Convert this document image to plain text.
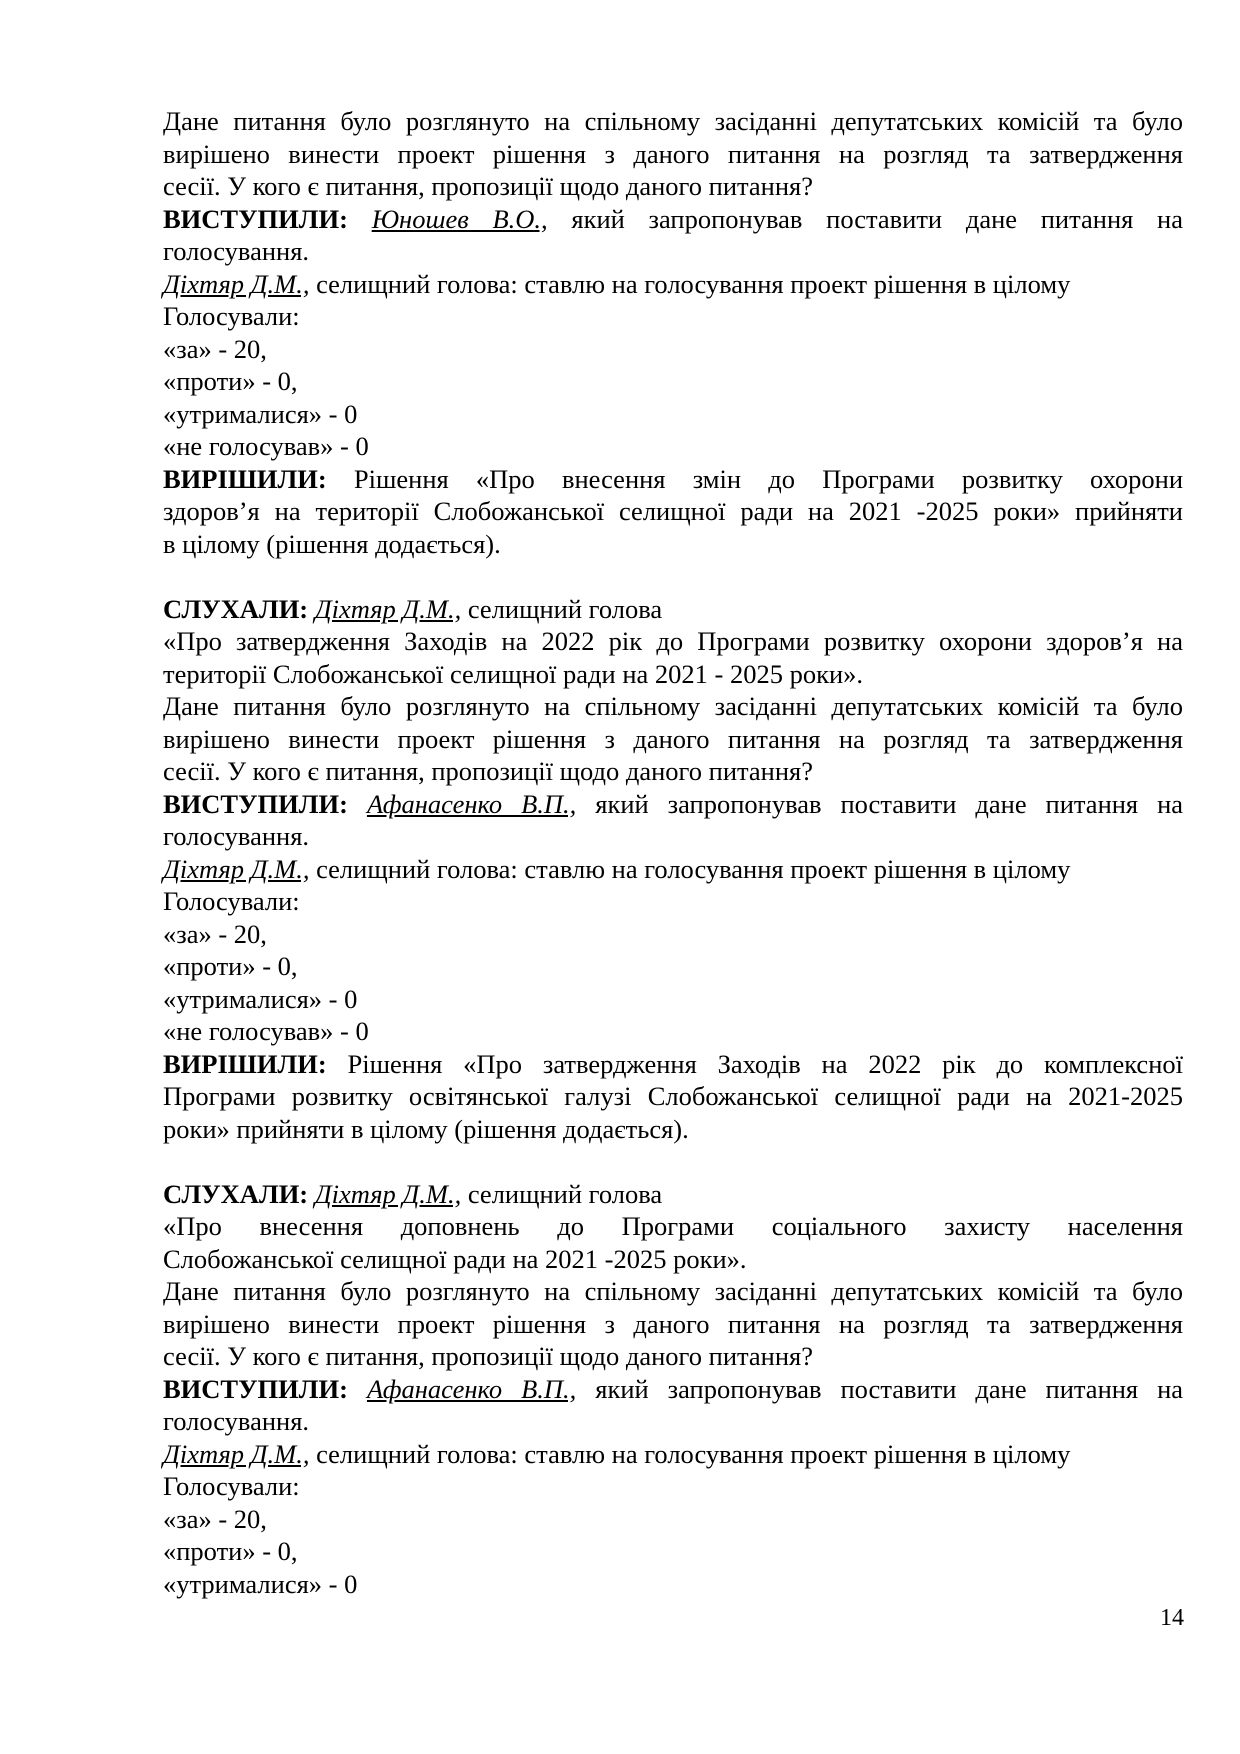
Дане питання було розглянуто на спільному засіданні депутатських комісій та було
вирішено винести проект рішення з даного питання на розгляд та затвердження
сесії. У кого є питання, пропозиції щодо даного питання?
ВИСТУПИЛИ: Юношев В.О., який запропонував поставити дане питання на
голосування.
Діхтяр Д.М., селищний голова: ставлю на голосування проект рішення в цілому
Голосували:
«за» - 20,
«проти» - 0,
«утрималися» - 0
«не голосував» - 0
ВИРІШИЛИ: Рішення «Про внесення змін до Програми розвитку охорони
здоров’я на території Слобожанської селищної ради на 2021 -2025 роки» прийняти
в цілому (рішення додається).
СЛУХАЛИ: Діхтяр Д.М., селищний голова
«Про затвердження Заходів на 2022 рік до Програми розвитку охорони здоров’я на
території Слобожанської селищної ради на 2021 - 2025 роки».
Дане питання було розглянуто на спільному засіданні депутатських комісій та було
вирішено винести проект рішення з даного питання на розгляд та затвердження
сесії. У кого є питання, пропозиції щодо даного питання?
ВИСТУПИЛИ: Афанасенко В.П., який запропонував поставити дане питання на
голосування.
Діхтяр Д.М., селищний голова: ставлю на голосування проект рішення в цілому
Голосували:
«за» - 20,
«проти» - 0,
«утрималися» - 0
«не голосував» - 0
ВИРІШИЛИ: Рішення «Про затвердження Заходів на 2022 рік до комплексної
Програми розвитку освітянської галузі Слобожанської селищної ради на 2021-2025
роки» прийняти в цілому (рішення додається).
СЛУХАЛИ: Діхтяр Д.М., селищний голова
«Про внесення доповнень до Програми соціального захисту населення
Слобожанської селищної ради на 2021 -2025 роки».
Дане питання було розглянуто на спільному засіданні депутатських комісій та було
вирішено винести проект рішення з даного питання на розгляд та затвердження
сесії. У кого є питання, пропозиції щодо даного питання?
ВИСТУПИЛИ: Афанасенко В.П., який запропонував поставити дане питання на
голосування.
Діхтяр Д.М., селищний голова: ставлю на голосування проект рішення в цілому
Голосували:
«за» - 20,
«проти» - 0,
«утрималися» - 0
14
